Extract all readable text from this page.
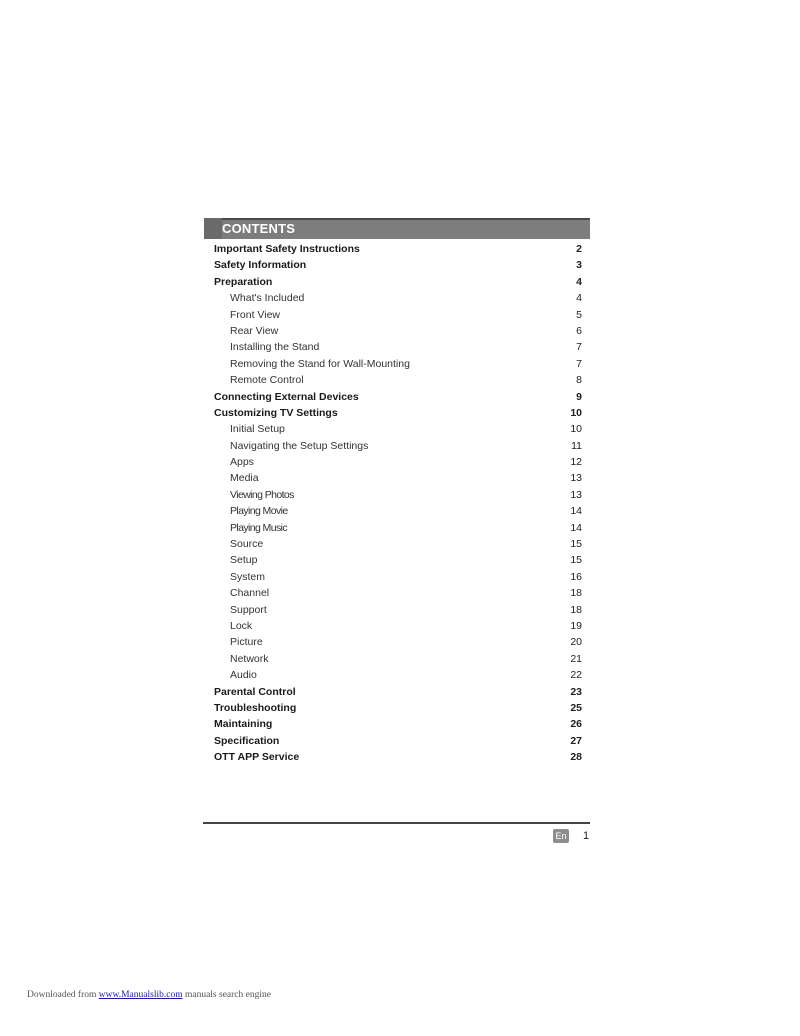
CONTENTS
Important Safety Instructions	2
Safety Information	3
Preparation	4
What's Included	4
Front View	5
Rear View	6
Installing the Stand	7
Removing the Stand for Wall-Mounting	7
Remote Control	8
Connecting External Devices	9
Customizing TV Settings	10
Initial Setup	10
Navigating the Setup Settings	11
Apps	12
Media	13
Viewing Photos	13
Playing Movie	14
Playing Music	14
Source	15
Setup	15
System	16
Channel	18
Support	18
Lock	19
Picture	20
Network	21
Audio	22
Parental Control	23
Troubleshooting	25
Maintaining	26
Specification	27
OTT APP Service	28
En 1
Downloaded from www.Manualslib.com manuals search engine
